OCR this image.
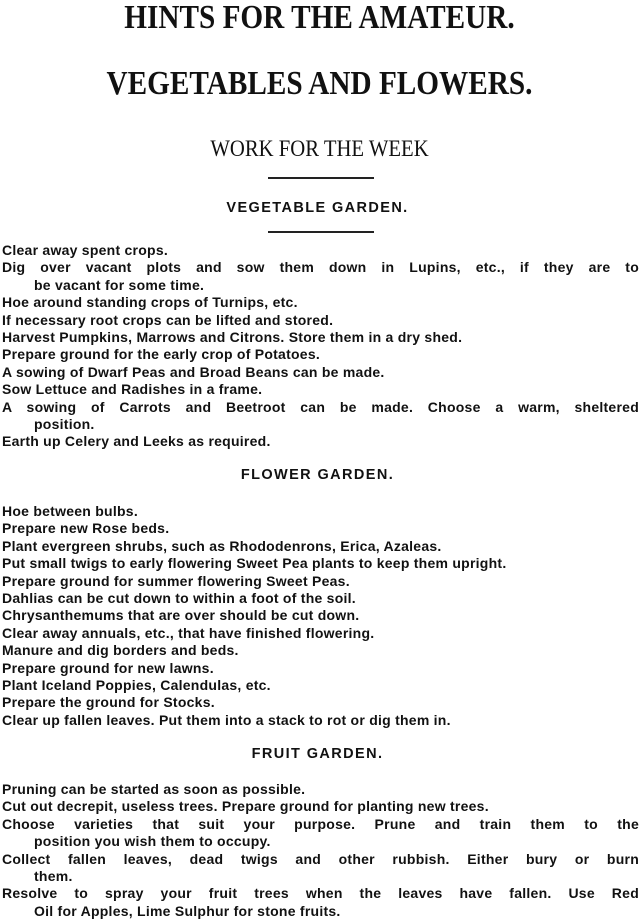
HINTS FOR THE AMATEUR.
VEGETABLES AND FLOWERS.
WORK FOR THE WEEK
VEGETABLE GARDEN.
Clear away spent crops.
Dig over vacant plots and sow them down in Lupins, etc., if they are to
be vacant for some time.
Hoe around standing crops of Turnips, etc.
If necessary root crops can be lifted and stored.
Harvest Pumpkins, Marrows and Citrons. Store them in a dry shed.
Prepare ground for the early crop of Potatoes.
A sowing of Dwarf Peas and Broad Beans can be made.
Sow Lettuce and Radishes in a frame.
A sowing of Carrots and Beetroot can be made. Choose a warm, sheltered
position.
Earth up Celery and Leeks as required.
FLOWER GARDEN.
Hoe between bulbs.
Prepare new Rose beds.
Plant evergreen shrubs, such as Rhododenrons, Erica, Azaleas.
Put small twigs to early flowering Sweet Pea plants to keep them upright.
Prepare ground for summer flowering Sweet Peas.
Dahlias can be cut down to within a foot of the soil.
Chrysanthemums that are over should be cut down.
Clear away annuals, etc., that have finished flowering.
Manure and dig borders and beds.
Prepare ground for new lawns.
Plant Iceland Poppies, Calendulas, etc.
Prepare the ground for Stocks.
Clear up fallen leaves. Put them into a stack to rot or dig them in.
FRUIT GARDEN.
Pruning can be started as soon as possible.
Cut out decrepit, useless trees. Prepare ground for planting new trees.
Choose varieties that suit your purpose. Prune and train them to the
position you wish them to occupy.
Collect fallen leaves, dead twigs and other rubbish. Either bury or burn
them.
Resolve to spray your fruit trees when the leaves have fallen. Use Red
Oil for Apples, Lime Sulphur for stone fruits.
